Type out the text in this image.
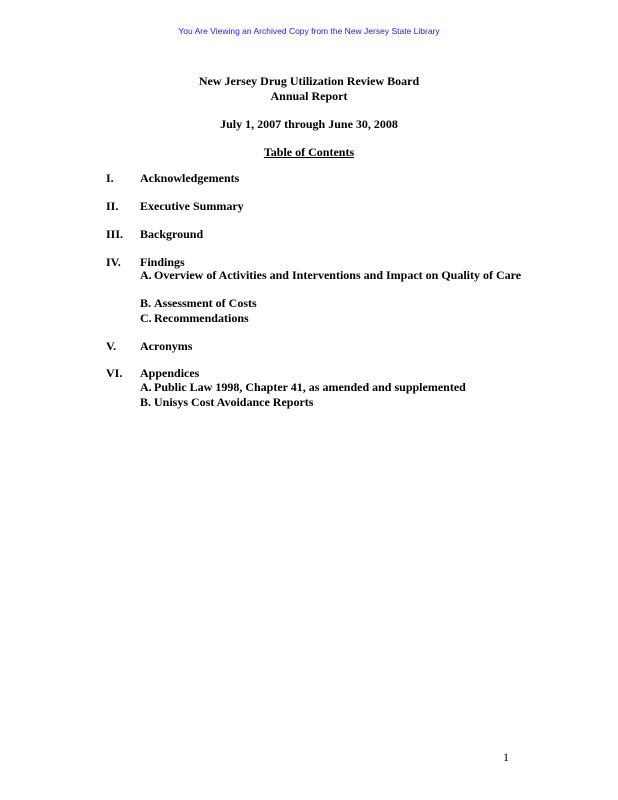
You Are Viewing an Archived Copy from the New Jersey State Library
New Jersey Drug Utilization Review Board
Annual Report
July 1, 2007 through June 30, 2008
Table of Contents
I.	Acknowledgements
II.	Executive Summary
III.	Background
IV.	Findings
A. Overview of Activities and Interventions and Impact on Quality of Care
B. Assessment of Costs
C. Recommendations
V.	Acronyms
VI.	Appendices
A. Public Law 1998, Chapter 41, as amended and supplemented
B. Unisys Cost Avoidance Reports
1
